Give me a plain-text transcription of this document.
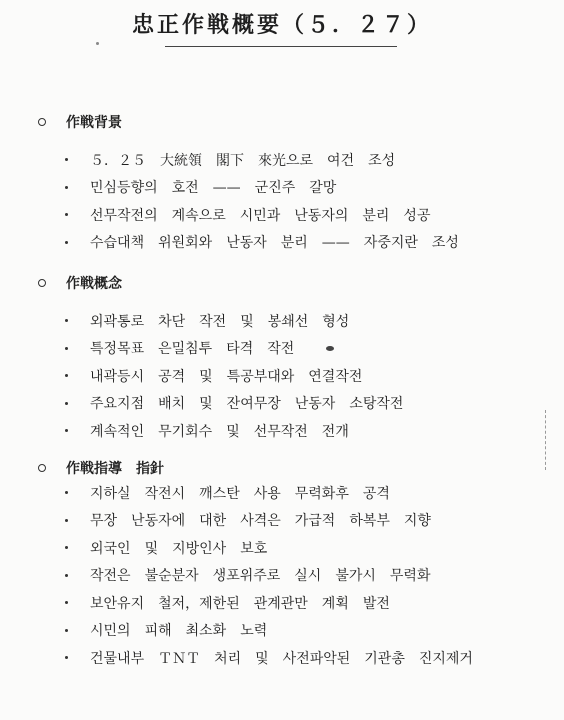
忠正作戦概要（５．２７）
作戦背景
５．２５　大統領　閣下　來光으로　여건　조성
민심등향의　호전　——　군진주　갈망
선무작전의　계속으로　시민과　난동자의　분리　성공
수습대책　위원회와　난동자　분리　——　자중지란　조성
作戦概念
외곽통로　차단　작전　및　봉쇄선　형성
특정목표　은밀침투　타격　작전
내곽등시　공격　및　특공부대와　연결작전
주요지점　배치　및　잔여무장　난동자　소탕작전
계속적인　무기회수　및　선무작전　전개
作戦指導　指針
지하실　작전시　깨스탄　사용　무력화후　공격
무장　난동자에　대한　사격은　가급적　하복부　지향
외국인　및　지방인사　보호
작전은　불순분자　생포위주로　실시　불가시　무력화
보안유지　철저，제한된　관계관만　계획　발전
시민의　피해　최소화　노력
건물내부　ＴＮＴ　처리　및　사전파악된　기관총　진지제거
